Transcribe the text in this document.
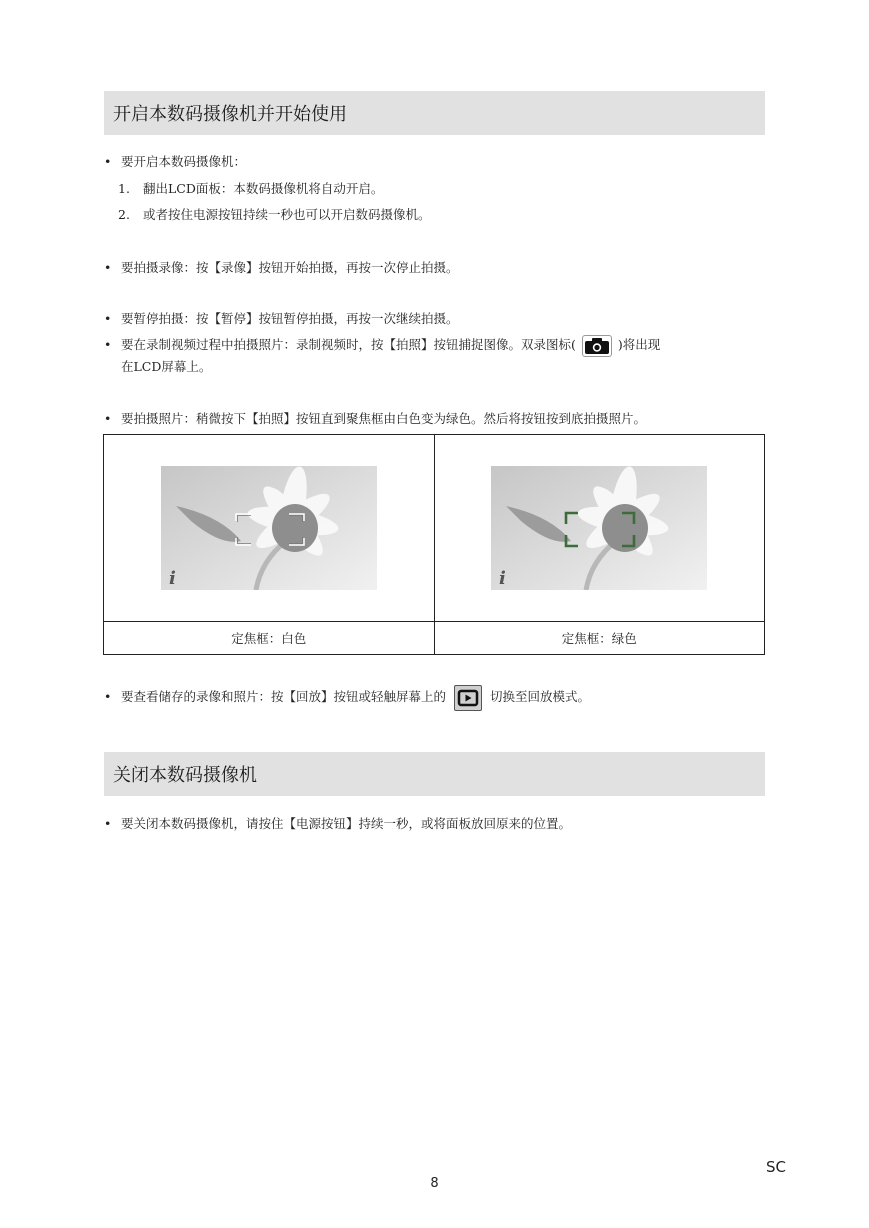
开启本数码摄像机并开始使用
• 要开启本数码摄像机：
1. 翻出LCD面板：本数码摄像机将自动开启。
2. 或者按住电源按钮持续一秒也可以开启数码摄像机。
• 要拍摄录像：按【录像】按钮开始拍摄，再按一次停止拍摄。
• 要暂停拍摄：按【暂停】按钮暂停拍摄，再按一次继续拍摄。
• 要在录制视频过程中拍摄照片：录制视频时，按【拍照】按钮捕捉图像。双录图标(	)将出现
在LCD屏幕上。
• 要拍摄照片：稍微按下【拍照】按钮直到聚焦框由白色变为绿色。然后将按钮按到底拍摄照片。
i	i

定焦框：白色	定焦框：绿色
• 要查看储存的录像和照片：按【回放】按钮或轻触屏幕上的	切换至回放模式。
关闭本数码摄像机
• 要关闭本数码摄像机，请按住【电源按钮】持续一秒，或将面板放回原来的位置。
SC
8
